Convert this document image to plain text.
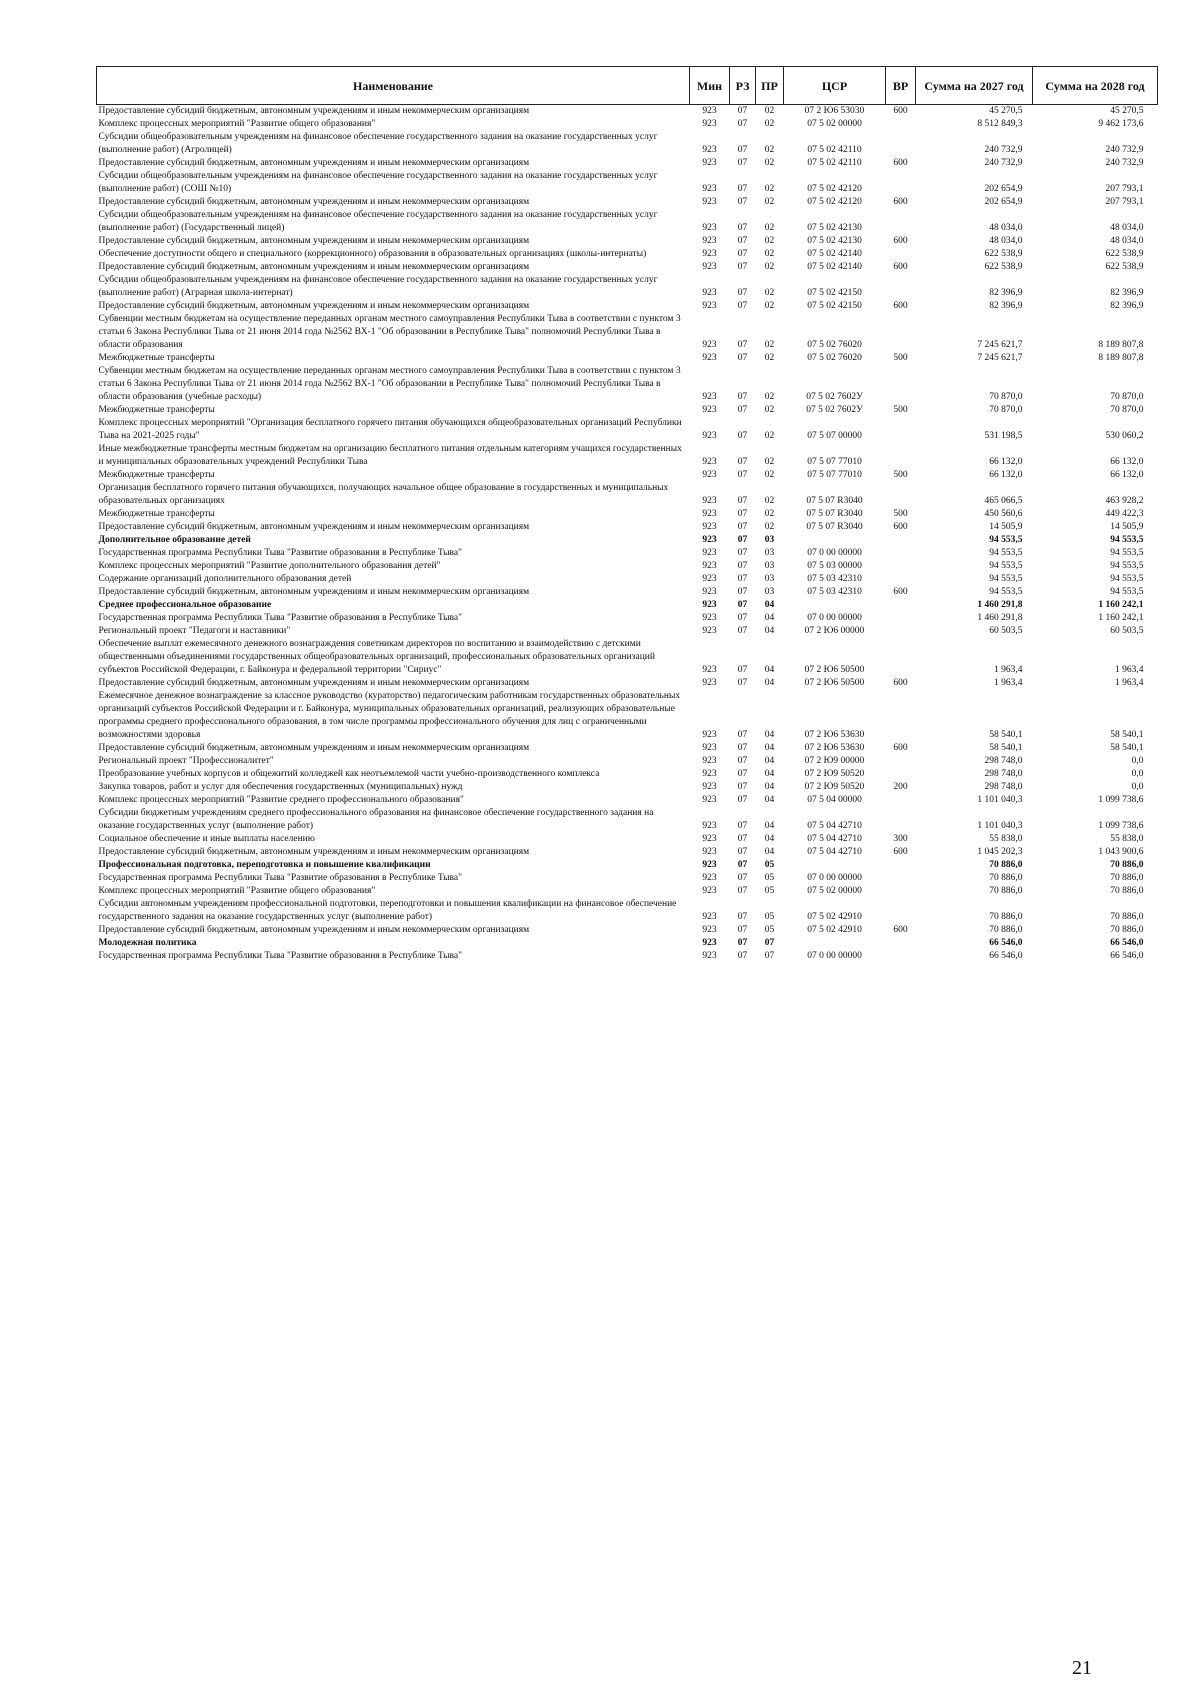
Наименование	Мин	РЗ	ПР	ЦСР	ВР	Сумма на 2027 год	Сумма на 2028 год
Предоставление субсидий бюджетным, автономным учреждениям и иным некоммерческим организациям	923	07	02	07 2 Ю6 53030	600	45 270,5	45 270,5
Комплекс процессных мероприятий "Развитие общего образования"	923	07	02	07 5 02 00000		8 512 849,3	9 462 173,6
Субсидии общеобразовательным учреждениям на финансовое обеспечение государственного задания на оказание государственных услуг (выполнение работ) (Агролицей)	923	07	02	07 5 02 42110		240 732,9	240 732,9
Предоставление субсидий бюджетным, автономным учреждениям и иным некоммерческим организациям	923	07	02	07 5 02 42110	600	240 732,9	240 732,9
Субсидии общеобразовательным учреждениям на финансовое обеспечение государственного задания на оказание государственных услуг (выполнение работ) (СОШ №10)	923	07	02	07 5 02 42120		202 654,9	207 793,1
Предоставление субсидий бюджетным, автономным учреждениям и иным некоммерческим организациям	923	07	02	07 5 02 42120	600	202 654,9	207 793,1
Субсидии общеобразовательным учреждениям на финансовое обеспечение государственного задания на оказание государственных услуг (выполнение работ) (Государственный лицей)	923	07	02	07 5 02 42130		48 034,0	48 034,0
Предоставление субсидий бюджетным, автономным учреждениям и иным некоммерческим организациям	923	07	02	07 5 02 42130	600	48 034,0	48 034,0
Обеспечение доступности общего и специального (коррекционного) образования в образовательных организациях (школы-интернаты)	923	07	02	07 5 02 42140		622 538,9	622 538,9
Предоставление субсидий бюджетным, автономным учреждениям и иным некоммерческим организациям	923	07	02	07 5 02 42140	600	622 538,9	622 538,9
Субсидии общеобразовательным учреждениям на финансовое обеспечение государственного задания на оказание государственных услуг (выполнение работ) (Аграрная школа-интернат)	923	07	02	07 5 02 42150		82 396,9	82 396,9
Предоставление субсидий бюджетным, автономным учреждениям и иным некоммерческим организациям	923	07	02	07 5 02 42150	600	82 396,9	82 396,9
Субвенции местным бюджетам на осуществление переданных органам местного самоуправления Республики Тыва в соответствии с пунктом 3 статьи 6 Закона Республики Тыва от 21 июня 2014 года №2562 ВХ-1 "Об образовании в Республике Тыва" полномочий Республики Тыва в области образования	923	07	02	07 5 02 76020		7 245 621,7	8 189 807,8
Межбюджетные трансферты	923	07	02	07 5 02 76020	500	7 245 621,7	8 189 807,8
Субвенции местным бюджетам на осуществление переданных органам местного самоуправления Республики Тыва в соответствии с пунктом 3 статьи 6 Закона Республики Тыва от 21 июня 2014 года №2562 ВХ-1 "Об образовании в Республике Тыва" полномочий Республики Тыва в области образования (учебные расходы)	923	07	02	07 5 02 7602У		70 870,0	70 870,0
Межбюджетные трансферты	923	07	02	07 5 02 7602У	500	70 870,0	70 870,0
Комплекс процессных мероприятий "Организация бесплатного горячего питания обучающихся общеобразовательных организаций Республики Тыва на 2021-2025 годы"	923	07	02	07 5 07 00000		531 198,5	530 060,2
Иные межбюджетные трансферты местным бюджетам на организацию бесплатного питания отдельным категориям учащихся государственных и муниципальных образовательных учреждений Республики Тыва	923	07	02	07 5 07 77010		66 132,0	66 132,0
Межбюджетные трансферты	923	07	02	07 5 07 77010	500	66 132,0	66 132,0
Организация бесплатного горячего питания обучающихся, получающих начальное общее образование в государственных и муниципальных образовательных организациях	923	07	02	07 5 07 R3040		465 066,5	463 928,2
Межбюджетные трансферты	923	07	02	07 5 07 R3040	500	450 560,6	449 422,3
Предоставление субсидий бюджетным, автономным учреждениям и иным некоммерческим организациям	923	07	02	07 5 07 R3040	600	14 505,9	14 505,9
Дополнительное образование детей	923	07	03			94 553,5	94 553,5
Государственная программа Республики Тыва "Развитие образования в Республике Тыва"	923	07	03	07 0 00 00000		94 553,5	94 553,5
Комплекс процессных мероприятий "Развитие дополнительного образования детей"	923	07	03	07 5 03 00000		94 553,5	94 553,5
Содержание организаций дополнительного образования детей	923	07	03	07 5 03 42310		94 553,5	94 553,5
Предоставление субсидий бюджетным, автономным учреждениям и иным некоммерческим организациям	923	07	03	07 5 03 42310	600	94 553,5	94 553,5
Среднее профессиональное образование	923	07	04			1 460 291,8	1 160 242,1
Государственная программа Республики Тыва "Развитие образования в Республике Тыва"	923	07	04	07 0 00 00000		1 460 291,8	1 160 242,1
Региональный проект "Педагоги и наставники"	923	07	04	07 2 Ю6 00000		60 503,5	60 503,5
Обеспечение выплат ежемесячного денежного вознаграждения советникам директоров по воспитанию и взаимодействию с детскими общественными объединениями государственных общеобразовательных организаций, профессиональных образовательных организаций субъектов Российской Федерации, г. Байконура и федеральной территории "Сириус"	923	07	04	07 2 Ю6 50500		1 963,4	1 963,4
Предоставление субсидий бюджетным, автономным учреждениям и иным некоммерческим организациям	923	07	04	07 2 Ю6 50500	600	1 963,4	1 963,4
Ежемесячное денежное вознаграждение за классное руководство (кураторство) педагогическим работникам государственных образовательных организаций субъектов Российской Федерации и г. Байконура, муниципальных образовательных организаций, реализующих образовательные программы среднего профессионального образования, в том числе программы профессионального обучения для лиц с ограниченными возможностями здоровья	923	07	04	07 2 Ю6 53630		58 540,1	58 540,1
Предоставление субсидий бюджетным, автономным учреждениям и иным некоммерческим организациям	923	07	04	07 2 Ю6 53630	600	58 540,1	58 540,1
Региональный проект "Профессионалитет"	923	07	04	07 2 Ю9 00000		298 748,0	0,0
Преобразование учебных корпусов и общежитий колледжей как неотъемлемой части учебно-производственного комплекса	923	07	04	07 2 Ю9 50520		298 748,0	0,0
Закупка товаров, работ и услуг для обеспечения государственных (муниципальных) нужд	923	07	04	07 2 Ю9 50520	200	298 748,0	0,0
Комплекс процессных мероприятий "Развитие среднего профессионального образования"	923	07	04	07 5 04 00000		1 101 040,3	1 099 738,6
Субсидии бюджетным учреждениям среднего профессионального образования на финансовое обеспечение государственного задания на оказание государственных услуг (выполнение работ)	923	07	04	07 5 04 42710		1 101 040,3	1 099 738,6
Социальное обеспечение и иные выплаты населению	923	07	04	07 5 04 42710	300	55 838,0	55 838,0
Предоставление субсидий бюджетным, автономным учреждениям и иным некоммерческим организациям	923	07	04	07 5 04 42710	600	1 045 202,3	1 043 900,6
Профессиональная подготовка, переподготовка и повышение квалификации	923	07	05			70 886,0	70 886,0
Государственная программа Республики Тыва "Развитие образования в Республике Тыва"	923	07	05	07 0 00 00000		70 886,0	70 886,0
Комплекс процессных мероприятий "Развитие общего образования"	923	07	05	07 5 02 00000		70 886,0	70 886,0
Субсидии автономным учреждениям профессиональной подготовки, переподготовки и повышения квалификации на финансовое обеспечение государственного задания на оказание государственных услуг (выполнение работ)	923	07	05	07 5 02 42910		70 886,0	70 886,0
Предоставление субсидий бюджетным, автономным учреждениям и иным некоммерческим организациям	923	07	05	07 5 02 42910	600	70 886,0	70 886,0
Молодежная политика	923	07	07			66 546,0	66 546,0
Государственная программа Республики Тыва "Развитие образования в Республике Тыва"	923	07	07	07 0 00 00000		66 546,0	66 546,0
21
